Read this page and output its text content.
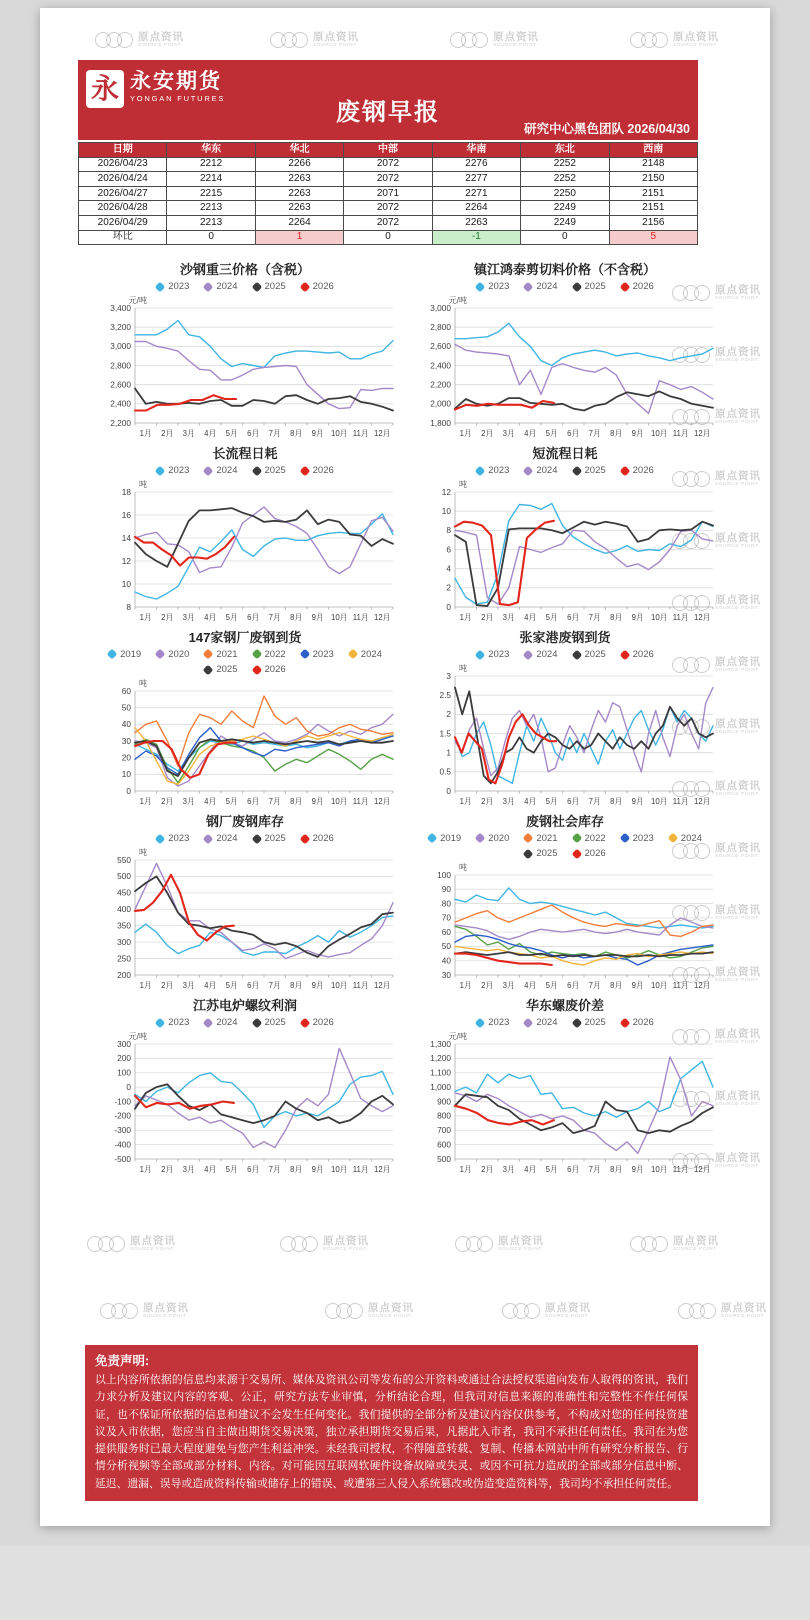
原点资讯
SOURCE POINT
原点资讯
SOURCE POINT
原点资讯
SOURCE POINT
原点资讯
SOURCE POINT
原点资讯
SOURCE POINT
原点资讯
SOURCE POINT
原点资讯
SOURCE POINT
原点资讯
SOURCE POINT
原点资讯
SOURCE POINT
原点资讯
SOURCE POINT
原点资讯
SOURCE POINT
原点资讯
SOURCE POINT
原点资讯
SOURCE POINT
原点资讯
SOURCE POINT
原点资讯
SOURCE POINT
原点资讯
SOURCE POINT
原点资讯
SOURCE POINT
原点资讯
SOURCE POINT
原点资讯
SOURCE POINT
原点资讯
SOURCE POINT
原点资讯
SOURCE POINT
原点资讯
SOURCE POINT
原点资讯
SOURCE POINT
原点资讯
SOURCE POINT
原点资讯
SOURCE POINT
原点资讯
SOURCE POINT
原点资讯
SOURCE POINT
永 永安期货
YONGAN FUTURES
废钢早报
研究中心黑色团队 2026/04/30
日期	华东	华北	中部	华南	东北	西南
2026/04/23	2212	2266	2072	2276	2252	2148
2026/04/24	2214	2263	2072	2277	2252	2150
2026/04/27	2215	2263	2071	2271	2250	2151
2026/04/28	2213	2263	2072	2264	2249	2151
2026/04/29	2213	2264	2072	2263	2249	2156
环比	0	1	0	-1	0	5
沙钢重三价格（含税）
2023	2024	2025	2026
2,200
2,400
2,600
2,800
3,000
3,200
3,400
1月 2月 3月 4月 5月 6月 7月 8月 9月 10月 11月 12月
元/吨
镇江鸿泰剪切料价格（不含税）
2023	2024	2025	2026
1,800
2,000
2,200
2,400
2,600
2,800
3,000
1月 2月 3月 4月 5月 6月 7月 8月 9月 10月 11月 12月
元/吨
长流程日耗
2023	2024	2025	2026
8
10
12
14
16
18
1月 2月 3月 4月 5月 6月 7月 8月 9月 10月 11月 12月
吨
短流程日耗
2023	2024	2025	2026
0
2
4
6
8
10
12
1月 2月 3月 4月 5月 6月 7月 8月 9月 10月 11月 12月
吨
147家钢厂废钢到货
2019	2020	2021	2022	2023	2024
2025	2026
0
10
20
30
40
50
60
1月 2月 3月 4月 5月 6月 7月 8月 9月 10月 11月 12月
吨
张家港废钢到货
2023	2024	2025	2026
0
0.5
1
1.5
2
2.5
3
1月 2月 3月 4月 5月 6月 7月 8月 9月 10月 11月 12月
吨
钢厂废钢库存
2023	2024	2025	2026
200
250
300
350
400
450
500
550
1月 2月 3月 4月 5月 6月 7月 8月 9月 10月 11月 12月
吨
废钢社会库存
2019	2020	2021	2022	2023	2024
2025	2026
30
40
50
60
70
80
90
100
1月 2月 3月 4月 5月 6月 7月 8月 9月 10月 11月 12月
吨
江苏电炉螺纹利润
2023	2024	2025	2026
-500
-400
-300
-200
-100
0
100
200
300
1月 2月 3月 4月 5月 6月 7月 8月 9月 10月 11月 12月
元/吨
华东螺废价差
2023	2024	2025	2026
500
600
700
800
900
1,000
1,100
1,200
1,300
1月 2月 3月 4月 5月 6月 7月 8月 9月 10月 11月 12月
元/吨
免责声明:
以上内容所依据的信息均来源于交易所、媒体及资讯公司等发布的公开资料或通过合法授权渠道向发布人取得的资讯，我们力求分析及建议内容的客观、公正，研究方法专业审慎，分析结论合理，但我司对信息来源的准确性和完整性不作任何保证，也不保证所依据的信息和建议不会发生任何变化。我们提供的全部分析及建议内容仅供参考，不构成对您的任何投资建议及入市依据，您应当自主做出期货交易决策，独立承担期货交易后果，凡据此入市者，我司不承担任何责任。我司在为您提供服务时已最大程度避免与您产生利益冲突。未经我司授权，不得随意转载、复制、传播本网站中所有研究分析报告、行情分析视频等全部或部分材料、内容。对可能因互联网软硬件设备故障或失灵、或因不可抗力造成的全部或部分信息中断、延迟、遗漏、误导或造成资料传输或储存上的错误、或遭第三人侵入系统篡改或伪造变造资料等，我司均不承担任何责任。
